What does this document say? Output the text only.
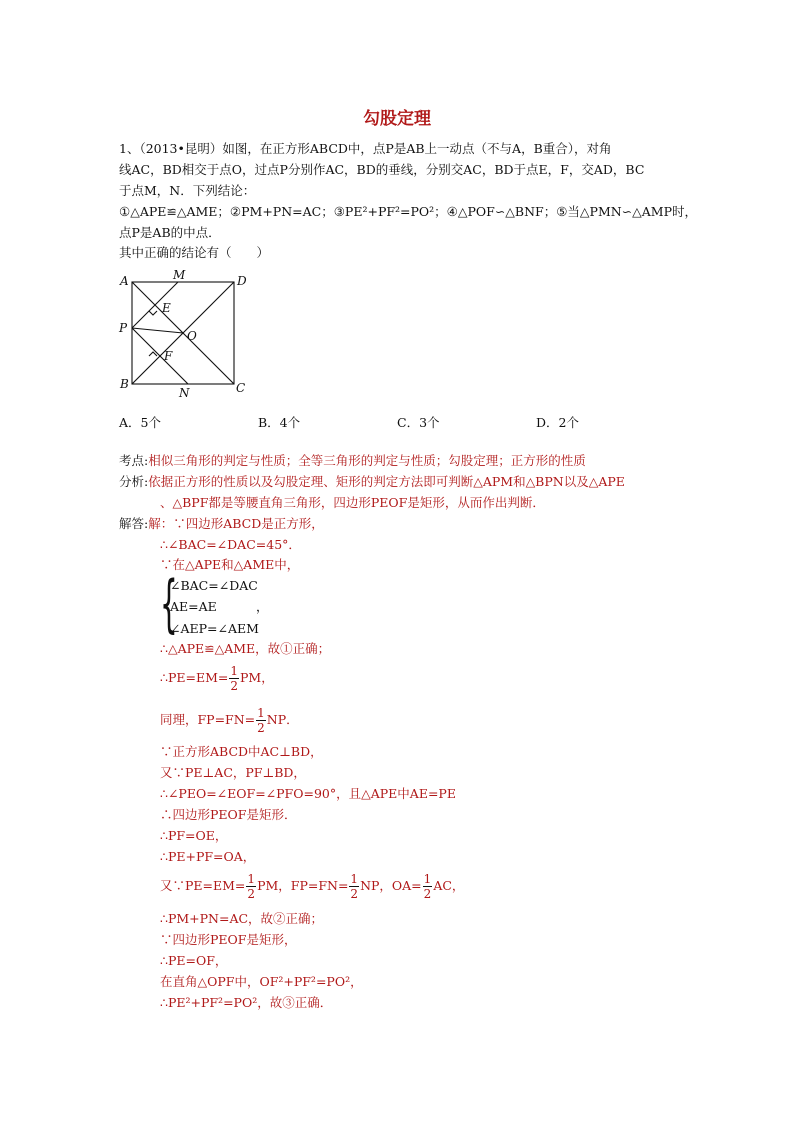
勾股定理
1、（2013•昆明）如图，在正方形ABCD中，点P是AB上一动点（不与A，B重合），对角
线AC，BD相交于点O，过点P分别作AC，BD的垂线，分别交AC，BD于点E，F，交AD，BC
于点M，N．下列结论：
①△APE≌△AME；②PM+PN=AC；③PE²+PF²=PO²；④△POF∽△BNF；⑤当△PMN∽△AMP时，
点P是AB的中点．
其中正确的结论有（　　）
A	M	D
E
P
O
F
B
N	C
A．5个	B．4个	C．3个	D．2个
考点:相似三角形的判定与性质；全等三角形的判定与性质；勾股定理；正方形的性质
分析:依据正方形的性质以及勾股定理、矩形的判定方法即可判断△APM和△BPN以及△APE
、△BPF都是等腰直角三角形，四边形PEOF是矩形，从而作出判断．
解答:解：∵四边形ABCD是正方形，
∴∠BAC=∠DAC=45°．
∵在△APE和△AME中，
{
∠BAC=∠DAC
AE=AE	，
∠AEP=∠AEM
∴△APE≌△AME，故①正确；
∴PE=EM= $\frac{1}{2}$ PM，
同理，$FP=FN= \frac{1}{2}$ NP．
∵正方形ABCD中AC⊥BD，
又∵PE⊥AC，PF⊥BD，
∴∠PEO=∠EOF=∠PFO=90°，且△APE中AE=PE
∴四边形PEOF是矩形．
∴PF=OE，
∴PE+PF=OA，
又∵PE=EM= $\frac{1}{2}$ PM，$FP=FN= \frac{1}{2}$ NP，$OA= \frac{1}{2}$ AC，
∴PM+PN=AC，故②正确；
∵四边形PEOF是矩形，
∴PE=OF，
在直角△OPF中，OF²+PF²=PO²，
∴PE²+PF²=PO²，故③正确．
